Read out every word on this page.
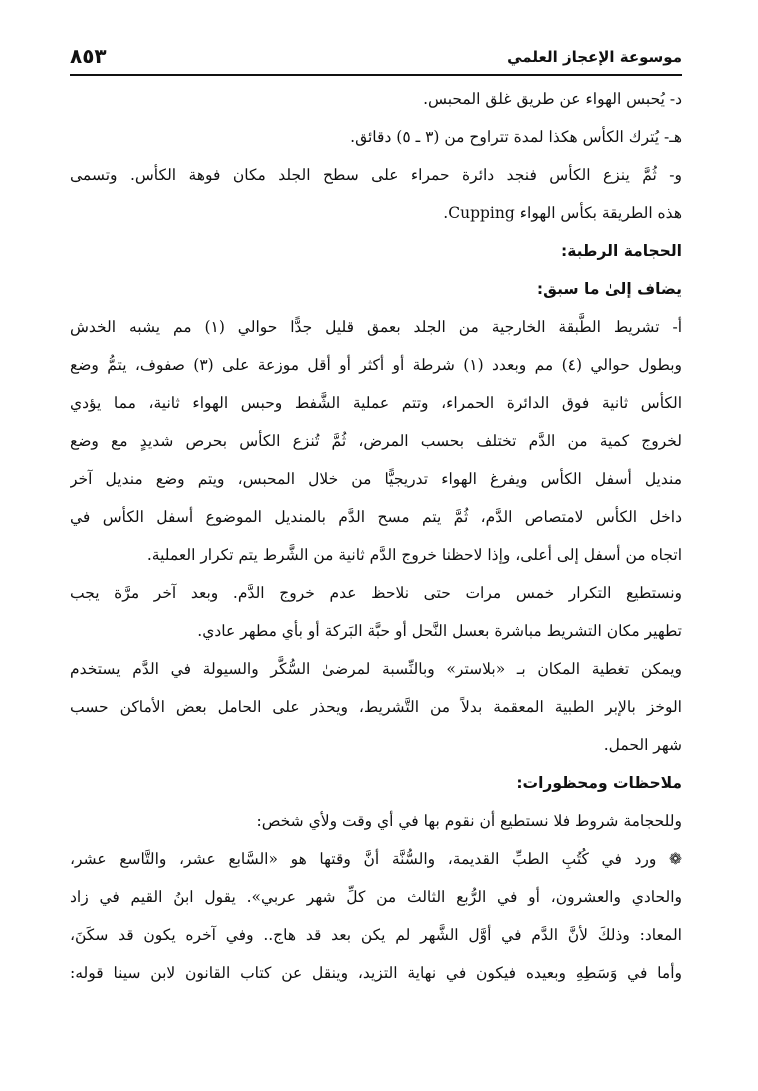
موسوعة الإعجاز العلمي
٨٥٣
د- يُحبس الهواء عن طريق غلق المحبس.
هـ- يُترك الكأس هكذا لمدة تتراوح من (٣ ـ ٥) دقائق.
و- ثُمَّ ينزع الكأس فنجد دائرة حمراء على سطح الجلد مكان فوهة الكأس. وتسمى
هذه الطريقة بكأس الهواء Cupping.
الحجامة الرطبة:
يضاف إلىٰ ما سبق:
أ- تشريط الطَّبقة الخارجية من الجلد بعمق قليل جدًّا حوالي (١) مم يشبه الخدش
وبطول حوالي (٤) مم وبعدد (١) شرطة أو أكثر أو أقل موزعة على (٣) صفوف، يتمُّ وضع
الكأس ثانية فوق الدائرة الحمراء، وتتم عملية الشَّفط وحبس الهواء ثانية، مما يؤدي
لخروج كمية من الدَّم تختلف بحسب المرض، ثُمَّ تُنزع الكأس بحرص شديدٍ مع وضع
منديل أسفل الكأس ويفرغ الهواء تدريجيًّا من خلال المحبس، ويتم وضع منديل آخر
داخل الكأس لامتصاص الدَّم، ثُمَّ يتم مسح الدَّم بالمنديل الموضوع أسفل الكأس في
اتجاه من أسفل إلى أعلى، وإذا لاحظنا خروج الدَّم ثانية من الشَّرط يتم تكرار العملية.
ونستطيع التكرار خمس مرات حتى نلاحظ عدم خروج الدَّم. وبعد آخر مرَّة يجب
تطهير مكان التشريط مباشرة بعسل النَّحل أو حبَّة البَركة أو بأي مطهر عادي.
ويمكن تغطية المكان بـ «بلاستر» وبالنِّسبة لمرضىٰ السُّكَّر والسيولة في الدَّم يستخدم
الوخز بالإبر الطبية المعقمة بدلاً من التَّشريط، ويحذر على الحامل بعض الأماكن حسب
شهر الحمل.
ملاحظات ومحظورات:
وللحجامة شروط فلا نستطيع أن نقوم بها في أي وقت ولأي شخص:
❁ ورد في كُتُبِ الطبِّ القديمة، والسُّنَّة أنَّ وقتها هو «السَّابع عشر، والتَّاسع عشر،
والحادي والعشرون، أو في الرُّبع الثالث من كلِّ شهر عربي». يقول ابنُ القيم في زاد
المعاد: وذلكَ لأنَّ الدَّم في أوَّل الشَّهر لم يكن بعد قد هاج.. وفي آخره يكون قد سكَنَ،
وأما في وَسَطِهِ وبعيده فيكون في نهاية التزيد، وينقل عن كتاب القانون لابن سينا قوله:
